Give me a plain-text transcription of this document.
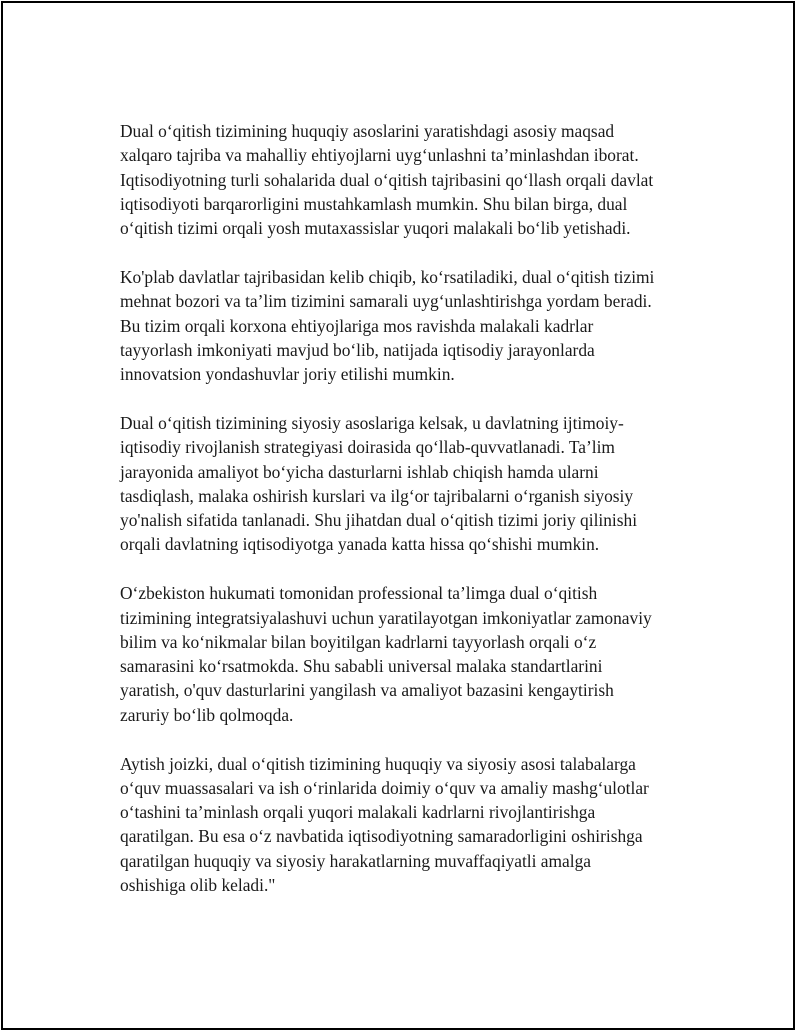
Dual o‘qitish tizimining huquqiy asoslarini yaratishdagi asosiy maqsad
xalqaro tajriba va mahalliy ehtiyojlarni uyg‘unlashni ta’minlashdan iborat.
Iqtisodiyotning turli sohalarida dual o‘qitish tajribasini qo‘llash orqali davlat
iqtisodiyoti barqarorligini mustahkamlash mumkin. Shu bilan birga, dual
o‘qitish tizimi orqali yosh mutaxassislar yuqori malakali bo‘lib yetishadi.

Ko'plab davlatlar tajribasidan kelib chiqib, ko‘rsatiladiki, dual o‘qitish tizimi
mehnat bozori va ta’lim tizimini samarali uyg‘unlashtirishga yordam beradi.
Bu tizim orqali korxona ehtiyojlariga mos ravishda malakali kadrlar
tayyorlash imkoniyati mavjud bo‘lib, natijada iqtisodiy jarayonlarda
innovatsion yondashuvlar joriy etilishi mumkin.

Dual o‘qitish tizimining siyosiy asoslariga kelsak, u davlatning ijtimoiy-
iqtisodiy rivojlanish strategiyasi doirasida qo‘llab-quvvatlanadi. Ta’lim
jarayonida amaliyot bo‘yicha dasturlarni ishlab chiqish hamda ularni
tasdiqlash, malaka oshirish kurslari va ilg‘or tajribalarni o‘rganish siyosiy
yo'nalish sifatida tanlanadi. Shu jihatdan dual o‘qitish tizimi joriy qilinishi
orqali davlatning iqtisodiyotga yanada katta hissa qo‘shishi mumkin.

O‘zbekiston hukumati tomonidan professional ta’limga dual o‘qitish
tizimining integratsiyalashuvi uchun yaratilayotgan imkoniyatlar zamonaviy
bilim va ko‘nikmalar bilan boyitilgan kadrlarni tayyorlash orqali o‘z
samarasini ko‘rsatmokda. Shu sababli universal malaka standartlarini
yaratish, o'quv dasturlarini yangilash va amaliyot bazasini kengaytirish
zaruriy bo‘lib qolmoqda.

Aytish joizki, dual o‘qitish tizimining huquqiy va siyosiy asosi talabalarga
o‘quv muassasalari va ish o‘rinlarida doimiy o‘quv va amaliy mashg‘ulotlar
o‘tashini ta’minlash orqali yuqori malakali kadrlarni rivojlantirishga
qaratilgan. Bu esa o‘z navbatida iqtisodiyotning samaradorligini oshirishga
qaratilgan huquqiy va siyosiy harakatlarning muvaffaqiyatli amalga
oshishiga olib keladi."
